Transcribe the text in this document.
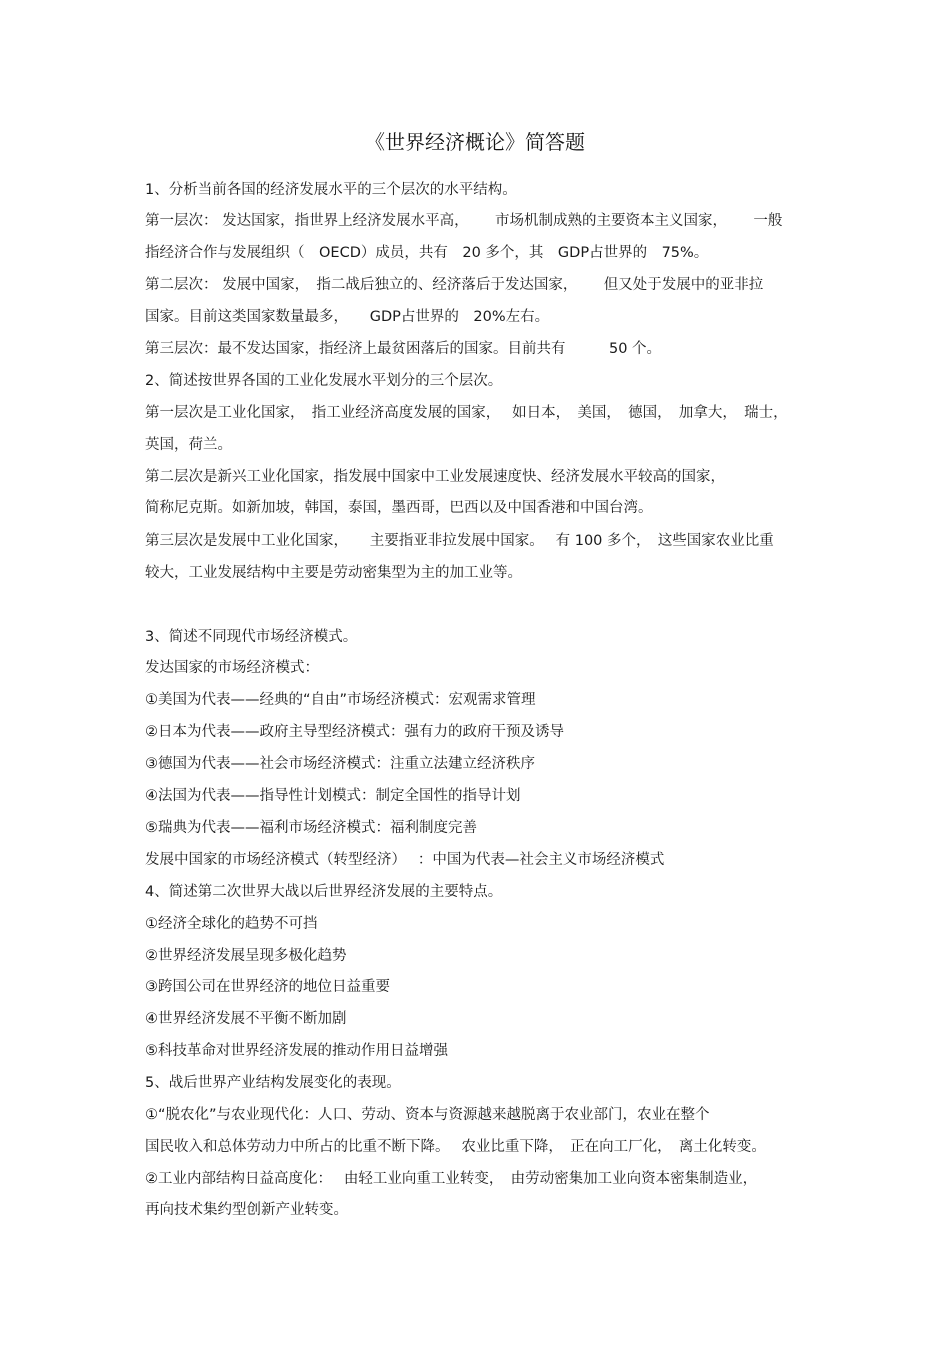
《世界经济概论》简答题
1、分析当前各国的经济发展水平的三个层次的水平结构。
第一层次： 发达国家，指世界上经济发展水平高，　　 市场机制成熟的主要资本主义国家，　　 一般
指经济合作与发展组织（　OECD）成员，共有　20 多个，其　GDP占世界的　75%。
第二层次： 发展中国家，　指二战后独立的、经济落后于发达国家，　　 但又处于发展中的亚非拉
国家。目前这类国家数量最多，　　GDP占世界的　20%左右。
第三层次：最不发达国家，指经济上最贫困落后的国家。目前共有　　　50 个。
2、简述按世界各国的工业化发展水平划分的三个层次。
第一层次是工业化国家，　指工业经济高度发展的国家，　 如日本，　美国，　德国，　加拿大，　瑞士，
英国，荷兰。
第二层次是新兴工业化国家，指发展中国家中工业发展速度快、经济发展水平较高的国家，
简称尼克斯。如新加坡，韩国，泰国，墨西哥，巴西以及中国香港和中国台湾。
第三层次是发展中工业化国家，　　主要指亚非拉发展中国家。　 有 100 多个，　这些国家农业比重
较大，工业发展结构中主要是劳动密集型为主的加工业等。
3、简述不同现代市场经济模式。
发达国家的市场经济模式：
①美国为代表——经典的“自由”市场经济模式：宏观需求管理
②日本为代表——政府主导型经济模式：强有力的政府干预及诱导
③德国为代表——社会市场经济模式：注重立法建立经济秩序
④法国为代表——指导性计划模式：制定全国性的指导计划
⑤瑞典为代表——福利市场经济模式：福利制度完善
发展中国家的市场经济模式（转型经济）　 ：中国为代表—社会主义市场经济模式
4、简述第二次世界大战以后世界经济发展的主要特点。
①经济全球化的趋势不可挡
②世界经济发展呈现多极化趋势
③跨国公司在世界经济的地位日益重要
④世界经济发展不平衡不断加剧
⑤科技革命对世界经济发展的推动作用日益增强
5、战后世界产业结构发展变化的表现。
①“脱农化”与农业现代化：人口、劳动、资本与资源越来越脱离于农业部门，农业在整个
国民收入和总体劳动力中所占的比重不断下降。　 农业比重下降，　正在向工厂化，　离土化转变。
②工业内部结构日益高度化：　 由轻工业向重工业转变，　由劳动密集加工业向资本密集制造业，
再向技术集约型创新产业转变。
